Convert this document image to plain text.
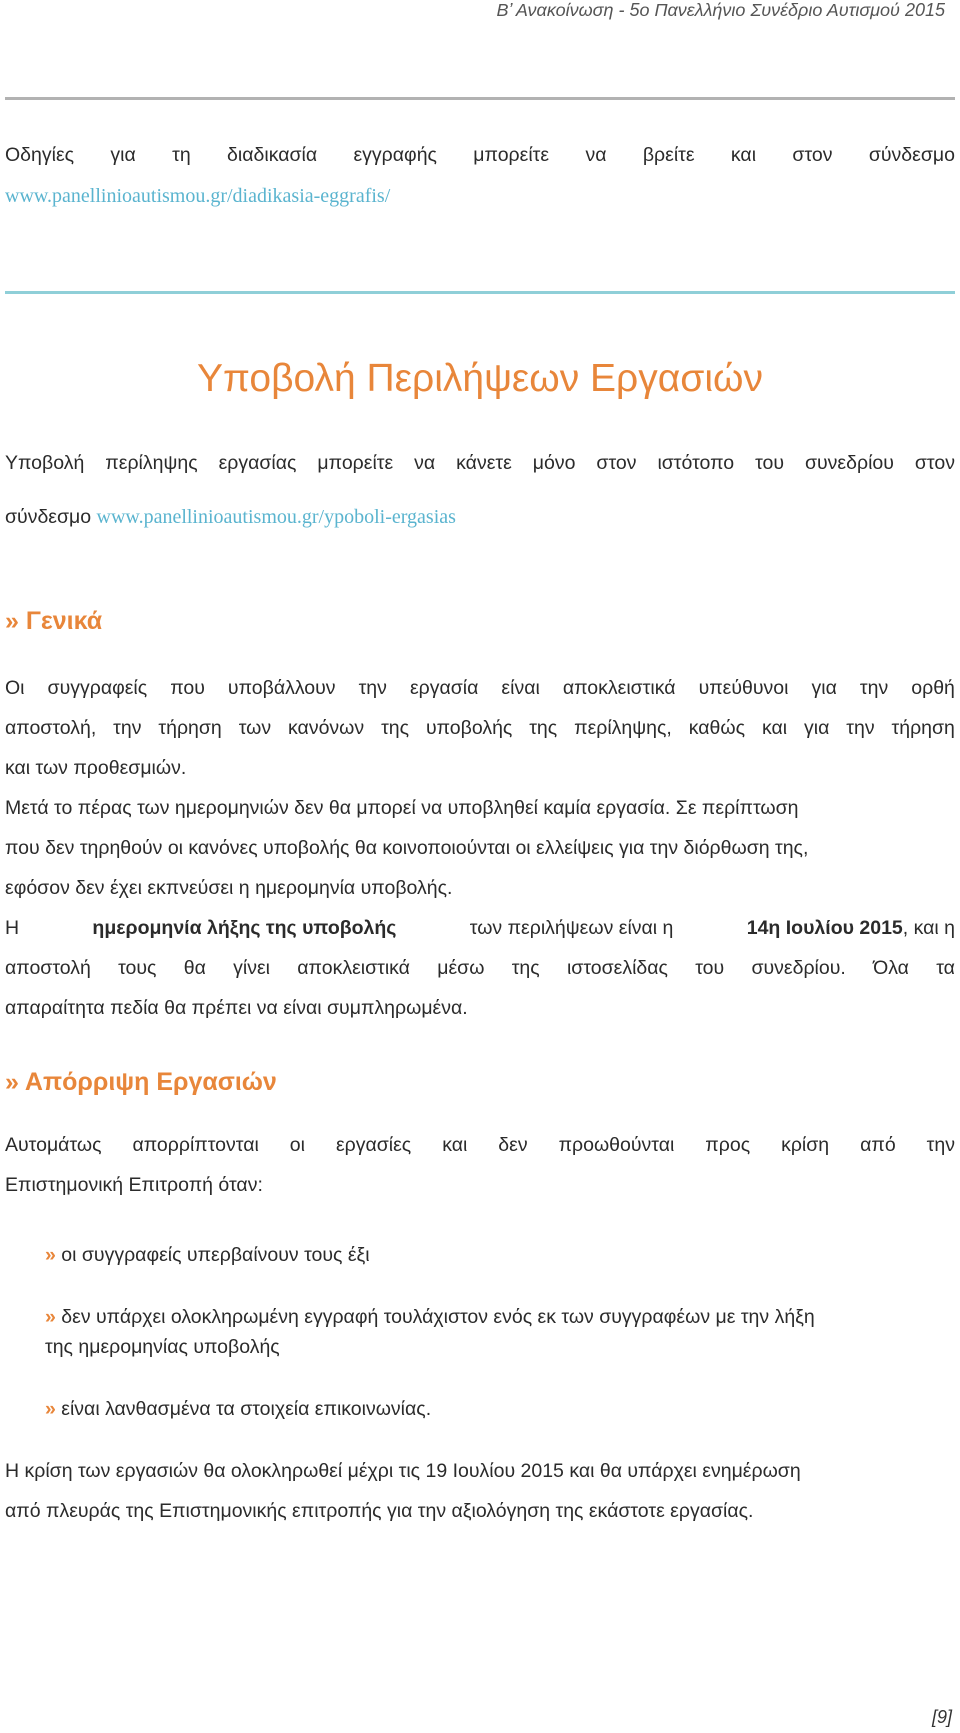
Β’ Ανακοίνωση - 5ο Πανελλήνιο Συνέδριο Αυτισμού 2015
Οδηγίες για τη διαδικασία εγγραφής μπορείτε να βρείτε και στον σύνδεσμο
www.panellinioautismou.gr/diadikasia-eggrafis/
Υποβολή Περιλήψεων Εργασιών
Υποβολή περίληψης εργασίας μπορείτε να κάνετε μόνο στον ιστότοπο του συνεδρίου στον
σύνδεσμο www.panellinioautismou.gr/ypoboli-ergasias
» Γενικά
Οι συγγραφείς που υποβάλλουν την εργασία είναι αποκλειστικά υπεύθυνοι για την ορθή
αποστολή, την τήρηση των κανόνων της υποβολής της περίληψης, καθώς και για την τήρηση
και των προθεσμιών.
Μετά το πέρας των ημερομηνιών δεν θα μπορεί να υποβληθεί καμία εργασία. Σε περίπτωση
που δεν τηρηθούν οι κανόνες υποβολής θα κοινοποιούνται οι ελλείψεις για την διόρθωση της,
εφόσον δεν έχει εκπνεύσει η ημερομηνία υποβολής.
Η	ημερομηνία λήξης της υποβολής	των περιλήψεων είναι η	14η Ιουλίου 2015, και η
αποστολή τους θα γίνει αποκλειστικά μέσω της ιστοσελίδας του συνεδρίου. Όλα τα
απαραίτητα πεδία θα πρέπει να είναι συμπληρωμένα.
» Απόρριψη Εργασιών
Αυτομάτως απορρίπτονται οι εργασίες και δεν προωθούνται προς κρίση από την
Επιστημονική Επιτροπή όταν:
» οι συγγραφείς υπερβαίνουν τους έξι
» δεν υπάρχει ολοκληρωμένη εγγραφή τουλάχιστον ενός εκ των συγγραφέων με την λήξη
της ημερομηνίας υποβολής
» είναι λανθασμένα τα στοιχεία επικοινωνίας.
Η κρίση των εργασιών θα ολοκληρωθεί μέχρι τις 19 Ιουλίου 2015 και θα υπάρχει ενημέρωση
από πλευράς της Επιστημονικής επιτροπής για την αξιολόγηση της εκάστοτε εργασίας.
[9]
